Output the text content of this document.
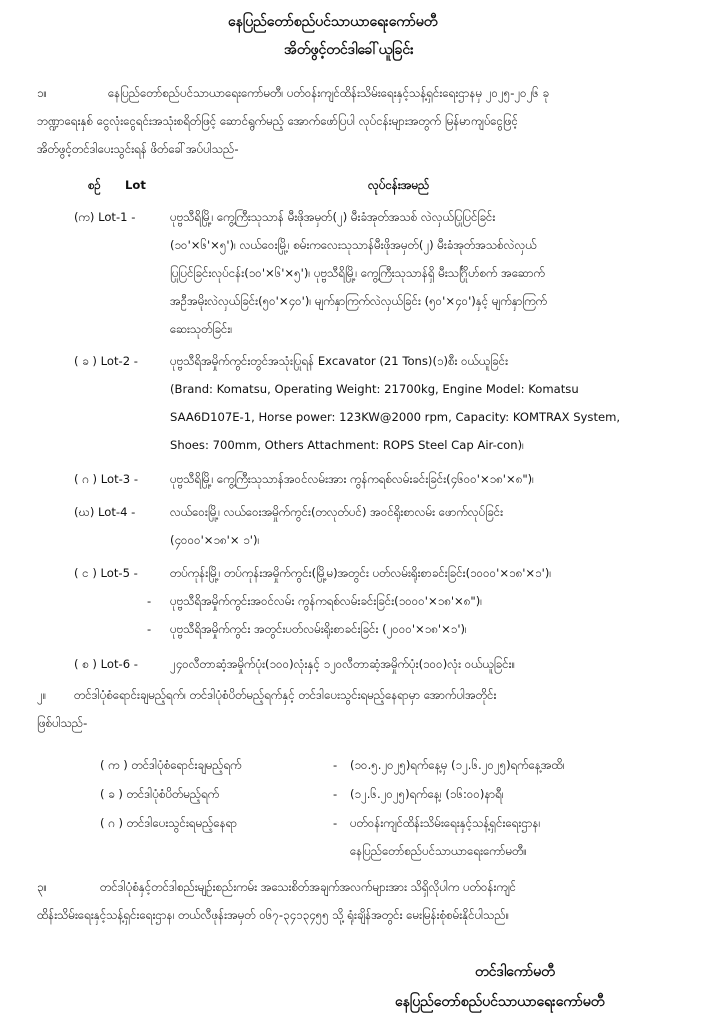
နေပြည်တော်စည်ပင်သာယာရေးကော်မတီ
အိတ်ဖွင့်တင်ဒါခေါ်ယူခြင်း
၁။	နေပြည်တော်စည်ပင်သာယာရေးကော်မတီ၊ ပတ်ဝန်းကျင်ထိန်းသိမ်းရေးနှင့်သန့်ရှင်းရေးဌာနမှ ၂၀၂၅-၂၀၂၆ ခု
ဘဏ္ဍာရေးနှစ် ငွေလုံးငွေရင်းအသုံးစရိတ်ဖြင့် ဆောင်ရွက်မည့် အောက်ဖော်ပြပါ လုပ်ငန်းများအတွက် မြန်မာကျပ်ငွေဖြင့်
အိတ်ဖွင့်တင်ဒါပေးသွင်းရန် ဖိတ်ခေါ်အပ်ပါသည်-
စဉ် Lot	လုပ်ငန်းအမည်
(က) Lot-1 -	ပုဗ္ဗသီရိမြို့၊ ကွေ့ကြီးသုသာန် မီးဖိုအမှတ်(၂) မီးခံအုတ်အသစ် လဲလှယ်ပြုပြင်ခြင်း
(၁၀'×၆'×၅')၊ လယ်ဝေးမြို့၊ စမ်းကလေးသုသာန်မီးဖိုအမှတ်(၂) မီးခံအုတ်အသစ်လဲလှယ်
ပြုပြင်ခြင်းလုပ်ငန်း(၁၀'×၆'×၅')၊ ပုဗ္ဗသီရိမြို့၊ ကွေ့ကြီးသုသာန်ရှိ မီးသင်္ဂြိုဟ်စက် အဆောက်
အဦအမိုးလဲလှယ်ခြင်း(၅၀'×၄၀')၊ မျက်နှာကြက်လဲလှယ်ခြင်း (၅၀'×၄၀')နှင့် မျက်နှာကြက်
ဆေးသုတ်ခြင်း၊
( ခ ) Lot-2 -	ပုဗ္ဗသီရိအမှိုက်ကွင်းတွင်အသုံးပြုရန် Excavator (21 Tons)(၁)စီး ဝယ်ယူခြင်း
(Brand: Komatsu, Operating Weight: 21700kg, Engine Model: Komatsu
SAA6D107E-1, Horse power: 123KW@2000 rpm, Capacity: KOMTRAX System,
Shoes: 700mm, Others Attachment: ROPS Steel Cap Air-con)၊
( ဂ ) Lot-3 -	ပုဗ္ဗသီရိမြို့၊ ကွေ့ကြီးသုသာန်အဝင်လမ်းအား ကွန်ကရစ်လမ်းခင်းခြင်း(၄၆၀၀'×၁၈'×၈")၊
(ဃ) Lot-4 -	လယ်ဝေးမြို့၊ လယ်ဝေးအမှိုက်ကွင်း(တလုတ်ပင်) အဝင်ရိုးစာလမ်း ဖောက်လုပ်ခြင်း
(၄၀၀၀'×၁၈'× ၁')၊
( င ) Lot-5 -	တပ်ကုန်းမြို့၊ တပ်ကုန်းအမှိုက်ကွင်း(မြို့မ)အတွင်း ပတ်လမ်းရိုးစာခင်းခြင်း(၁၀၀၀'×၁၈'×၁')၊
- ပုဗ္ဗသီရိအမှိုက်ကွင်းအဝင်လမ်း ကွန်ကရစ်လမ်းခင်းခြင်း(၁၀၀၀'×၁၈'×၈")၊
- ပုဗ္ဗသီရိအမှိုက်ကွင်း အတွင်းပတ်လမ်းရိုးစာခင်းခြင်း (၂၀၀၀'×၁၈'×၁')၊
( စ ) Lot-6 -	၂၄၀လီတာဆံ့အမှိုက်ပုံး(၁၀၀)လုံးနှင့် ၁၂၀လီတာဆံ့အမှိုက်ပုံး(၁၀၀)လုံး ဝယ်ယူခြင်း။
၂။ တင်ဒါပုံစံရောင်းချမည့်ရက်၊ တင်ဒါပုံစံပိတ်မည့်ရက်နှင့် တင်ဒါပေးသွင်းရမည့်နေရာမှာ အောက်ပါအတိုင်း
ဖြစ်ပါသည်-
( က ) တင်ဒါပုံစံရောင်းချမည့်ရက်	- (၁၀.၅.၂၀၂၅)ရက်နေ့မှ (၁၂.၆.၂၀၂၅)ရက်နေ့အထိ၊
( ခ ) တင်ဒါပုံစံပိတ်မည့်ရက်	- (၁၂.၆.၂၀၂၅)ရက်နေ့၊ (၁၆:၀၀)နာရီ၊
( ဂ ) တင်ဒါပေးသွင်းရမည့်နေရာ	- ပတ်ဝန်းကျင်ထိန်းသိမ်းရေးနှင့်သန့်ရှင်းရေးဌာန၊
နေပြည်တော်စည်ပင်သာယာရေးကော်မတီ။
၃။	တင်ဒါပုံစံနှင့်တင်ဒါစည်းမျဉ်းစည်းကမ်း အသေးစိတ်အချက်အလက်များအား သိရှိလိုပါက ပတ်ဝန်းကျင်
ထိန်းသိမ်းရေးနှင့်သန့်ရှင်းရေးဌာန၊ တယ်လီဖုန်းအမှတ် ၀၆၇-၃၄၁၃၄၅၅ သို့ ရုံးချိန်အတွင်း မေးမြန်းစုံစမ်းနိုင်ပါသည်။
တင်ဒါကော်မတီ
နေပြည်တော်စည်ပင်သာယာရေးကော်မတီ
